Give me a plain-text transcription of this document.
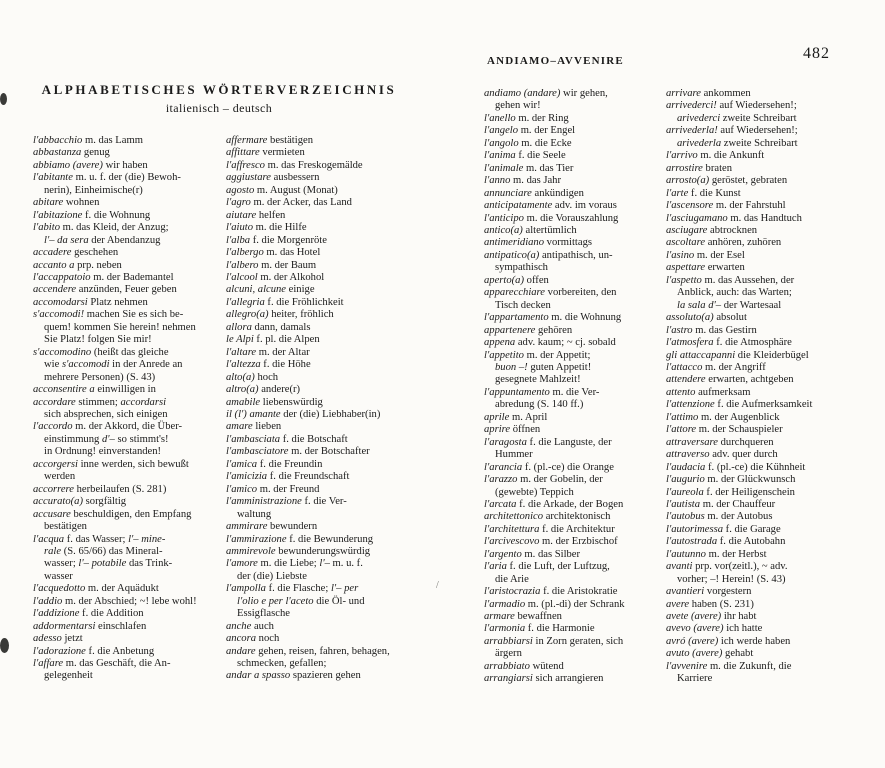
ANDIAMO–AVVENIRE	482
ALPHABETISCHES WÖRTERVERZEICHNIS
italienisch – deutsch

l'abbacchio m. das Lamm

abbastanza genug

abbiamo (avere) wir haben

l'abitante m. u. f. der (die) Bewoh-
nerin), Einheimische(r)

abitare wohnen

l'abitazione f. die Wohnung

l'abito m. das Kleid, der Anzug;
l'– da sera der Abendanzug

accadere geschehen

accanto a prp. neben

l'accappatoio m. der Bademantel

accendere anzünden, Feuer geben

accomodarsi Platz nehmen

s'accomodi! machen Sie es sich be-
quem! kommen Sie herein! nehmen
Sie Platz! folgen Sie mir!

s'accomodino (heißt das gleiche
wie s'accomodi in der Anrede an
mehrere Personen) (S. 43)

acconsentire a einwilligen in

accordare stimmen; accordarsi
sich absprechen, sich einigen

l'accordo m. der Akkord, die Über-
einstimmung d'– so stimmt's!
in Ordnung! einverstanden!

accorgersi inne werden, sich bewußt
werden

accorrere herbeilaufen (S. 281)

accurato(a) sorgfältig

accusare beschuldigen, den Empfang
bestätigen

l'acqua f. das Wasser; l'– mine-
rale (S. 65/66) das Mineral-
wasser; l'– potabile das Trink-
wasser

l'acquedotto m. der Aquädukt

l'addio m. der Abschied; ~! lebe wohl!

l'addizione f. die Addition

addormentarsi einschlafen

adesso jetzt

l'adorazione f. die Anbetung

l'affare m. das Geschäft, die An-
gelegenheit

affermare bestätigen

affittare vermieten

l'affresco m. das Freskogemälde

aggiustare ausbessern

agosto m. August (Monat)

l'agro m. der Acker, das Land

aiutare helfen

l'aiuto m. die Hilfe

l'alba f. die Morgenröte

l'albergo m. das Hotel

l'albero m. der Baum

l'alcool m. der Alkohol

alcuni, alcune einige

l'allegria f. die Fröhlichkeit

allegro(a) heiter, fröhlich

allora dann, damals

le Alpi f. pl. die Alpen

l'altare m. der Altar

l'altezza f. die Höhe

alto(a) hoch

altro(a) andere(r)

amabile liebenswürdig

il (l') amante der (die) Liebhaber(in)

amare lieben

l'ambasciata f. die Botschaft

l'ambasciatore m. der Botschafter

l'amica f. die Freundin

l'amicizia f. die Freundschaft

l'amico m. der Freund

l'amministrazione f. die Ver-
waltung

ammirare bewundern

l'ammirazione f. die Bewunderung

ammirevole bewunderungswürdig

l'amore m. die Liebe; l'– m. u. f.
der (die) Liebste

l'ampolla f. die Flasche; l'– per
l'olio e per l'aceto die Öl- und
Essigflasche

anche auch

ancora noch

andare gehen, reisen, fahren, behagen,
schmecken, gefallen;

andar a spasso spazieren gehen

andiamo (andare) wir gehen,
gehen wir!

l'anello m. der Ring

l'angelo m. der Engel

l'angolo m. die Ecke

l'anima f. die Seele

l'animale m. das Tier

l'anno m. das Jahr

annunciare ankündigen

anticipatamente adv. im voraus

l'anticipo m. die Vorauszahlung

antico(a) altertümlich

antimeridiano vormittags

antipatico(a) antipathisch, un-
sympathisch

aperto(a) offen

apparecchiare vorbereiten, den
Tisch decken

l'appartamento m. die Wohnung

appartenere gehören

appena adv. kaum; ~ cj. sobald

l'appetito m. der Appetit;
buon –! guten Appetit!
gesegnete Mahlzeit!

l'appuntamento m. die Ver-
abredung (S. 140 ff.)

aprile m. April

aprire öffnen

l'aragosta f. die Languste, der
Hummer

l'arancia f. (pl.-ce) die Orange

l'arazzo m. der Gobelin, der
(gewebte) Teppich

l'arcata f. die Arkade, der Bogen

architettonico architektonisch

l'architettura f. die Architektur

l'arcivescovo m. der Erzbischof

l'argento m. das Silber

l'aria f. die Luft, der Luftzug,
die Arie

l'aristocrazia f. die Aristokratie

l'armadio m. (pl.-di) der Schrank

armare bewaffnen

l'armonia f. die Harmonie

arrabbiarsi in Zorn geraten, sich
ärgern

arrabbiato wütend

arrangiarsi sich arrangieren

arrivare ankommen

arrivederci! auf Wiedersehen!;
arivederci zweite Schreibart

arrivederla! auf Wiedersehen!;
arivederla zweite Schreibart

l'arrivo m. die Ankunft

arrostire braten

arrosto(a) geröstet, gebraten

l'arte f. die Kunst

l'ascensore m. der Fahrstuhl

l'asciugamano m. das Handtuch

asciugare abtrocknen

ascoltare anhören, zuhören

l'asino m. der Esel

aspettare erwarten

l'aspetto m. das Aussehen, der
Anblick, auch: das Warten;
la sala d'– der Wartesaal

assoluto(a) absolut

l'astro m. das Gestirn

l'atmosfera f. die Atmosphäre

gli attaccapanni die Kleiderbügel

l'attacco m. der Angriff

attendere erwarten, achtgeben

attento aufmerksam

l'attenzione f. die Aufmerksamkeit

l'attimo m. der Augenblick

l'attore m. der Schauspieler

attraversare durchqueren

attraverso adv. quer durch

l'audacia f. (pl.-ce) die Kühnheit

l'augurio m. der Glückwunsch

l'aureola f. der Heiligenschein

l'autista m. der Chauffeur

l'autobus m. der Autobus

l'autorimessa f. die Garage

l'autostrada f. die Autobahn

l'autunno m. der Herbst

avanti prp. vor(zeitl.), ~ adv.
vorher; –! Herein! (S. 43)

avantieri vorgestern

avere haben (S. 231)

avete (avere) ihr habt

avevo (avere) ich hatte

avró (avere) ich werde haben

avuto (avere) gehabt

l'avvenire m. die Zukunft, die
Karriere

/
